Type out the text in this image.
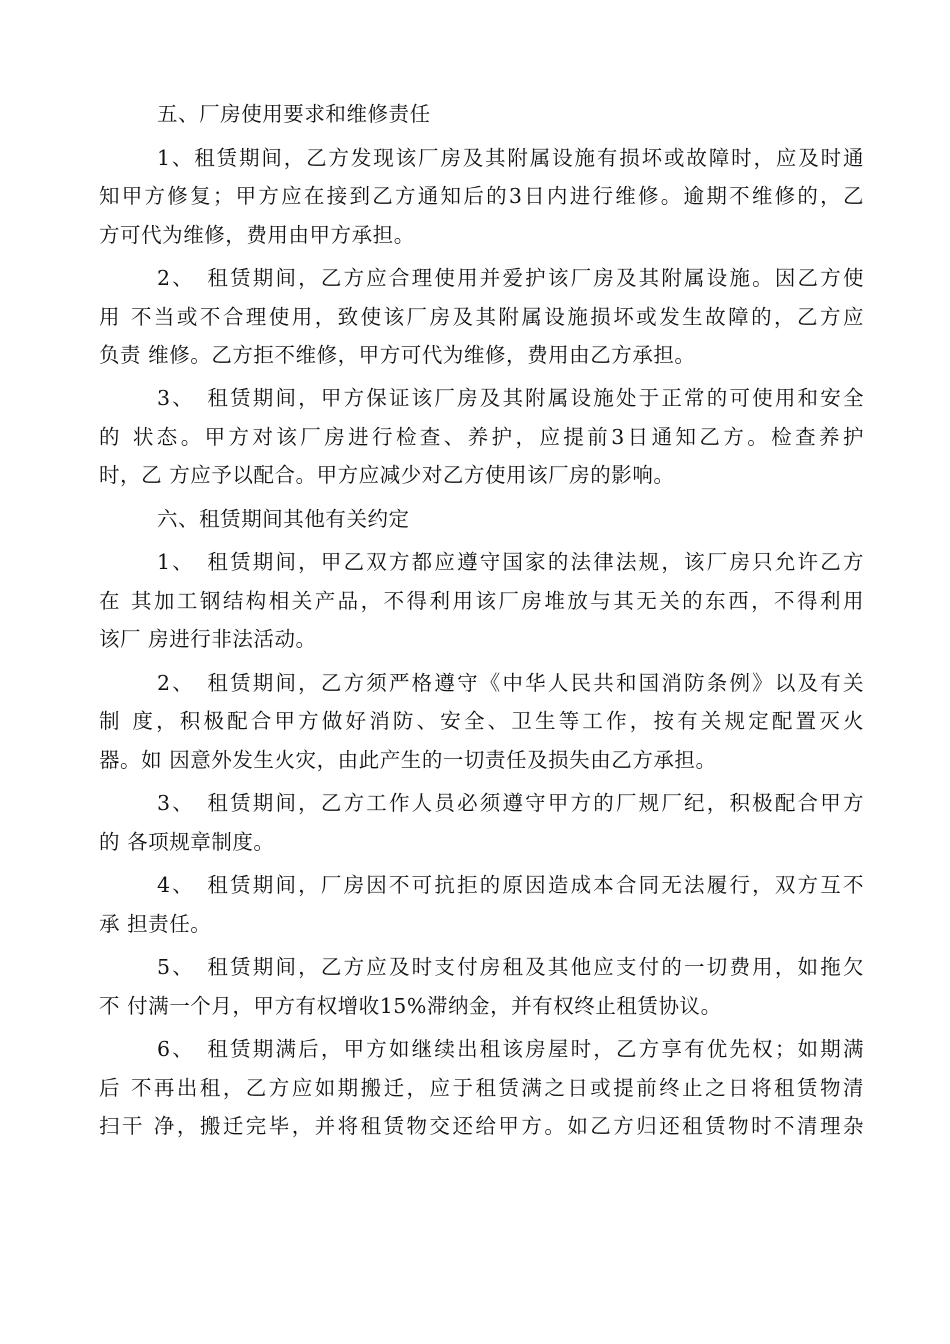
五、厂房使用要求和维修责任
1、租赁期间，乙方发现该厂房及其附属设施有损坏或故障时，应及时通
知甲方修复；甲方应在接到乙方通知后的3日内进行维修。逾期不维修的，乙
方可代为维修，费用由甲方承担。
2、　租赁期间，乙方应合理使用并爱护该厂房及其附属设施。因乙方使
用 不当或不合理使用，致使该厂房及其附属设施损坏或发生故障的，乙方应
负责 维修。乙方拒不维修，甲方可代为维修，费用由乙方承担。
3、　租赁期间，甲方保证该厂房及其附属设施处于正常的可使用和安全
的 状态。甲方对该厂房进行检查、养护，应提前3日通知乙方。检查养护
时，乙 方应予以配合。甲方应减少对乙方使用该厂房的影响。
六、租赁期间其他有关约定
1、　租赁期间，甲乙双方都应遵守国家的法律法规，该厂房只允许乙方
在 其加工钢结构相关产品，不得利用该厂房堆放与其无关的东西，不得利用
该厂 房进行非法活动。
2、　租赁期间，乙方须严格遵守《中华人民共和国消防条例》以及有关
制 度，积极配合甲方做好消防、安全、卫生等工作，按有关规定配置灭火
器。如 因意外发生火灾，由此产生的一切责任及损失由乙方承担。
3、　租赁期间，乙方工作人员必须遵守甲方的厂规厂纪，积极配合甲方
的 各项规章制度。
4、　租赁期间，厂房因不可抗拒的原因造成本合同无法履行，双方互不
承 担责任。
5、　租赁期间，乙方应及时支付房租及其他应支付的一切费用，如拖欠
不 付满一个月，甲方有权增收15%滞纳金，并有权终止租赁协议。
6、　租赁期满后，甲方如继续出租该房屋时，乙方享有优先权；如期满
后 不再出租，乙方应如期搬迁，应于租赁满之日或提前终止之日将租赁物清
扫干 净，搬迁完毕，并将租赁物交还给甲方。如乙方归还租赁物时不清理杂
